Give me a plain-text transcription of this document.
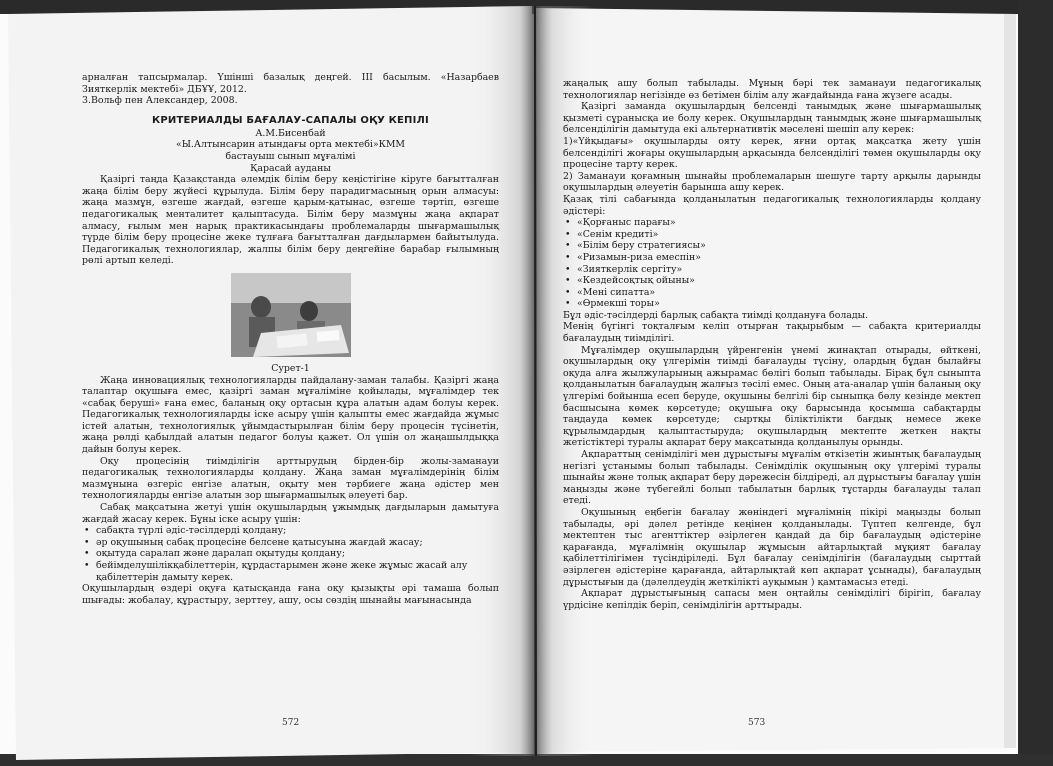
арналған тапсырмалар. Үшінші базалық деңгей. ІІІ басылым. «Назарбаев Зияткерлік мектебі» ДБҰҰ, 2012.

3.Вольф пен Александер, 2008.

КРИТЕРИАЛДЫ БАҒАЛАУ-САПАЛЫ ОҚУ КЕПІЛІ

А.М.Бисенбай

«Ы.Алтынсарин атындағы орта мектебі»КММ

бастауыш сынып мұғалімі

Қарасай ауданы

Қазіргі таңда Қазақстанда әлемдік білім беру кеңістігіне кіруге бағытталған жаңа білім беру жүйесі құрылуда. Білім беру парадигмасының орын алмасуы: жаңа мазмұн, өзгеше жағдай, өзгеше қарым-қатынас, өзгеше тәртіп, өзгеше педагогикалық менталитет қалыптасуда. Білім беру мазмұны жаңа ақпарат алмасу, ғылым мен нарық практикасындағы проблемаларды шығармашылық түрде білім беру процесіне жеке тұлғаға бағытталған дағдылармен байытылуда. Педагогикалық технологиялар, жалпы білім беру деңгейіне барабар ғылымның рөлі артып келеді.

Сурет-1

Жаңа инновациялық технологияларды пайдалану-заман талабы. Қазіргі жаңа талаптар оқушыға емес, қазіргі заман мұғаліміне қойылады, мұғалімдер тек «сабақ беруші» ғана емес, баланың оқу ортасын құра алатын адам болуы керек. Педагогикалық технологияларды іске асыру үшін қалыпты емес жағдайда жұмыс істей алатын, технологиялық ұйымдастырылған білім беру процесін түсінетін, жаңа рөлді қабылдай алатын педагог болуы қажет. Ол үшін ол жаңашылдыққа дайын болуы керек.

Оқу процесінің тиімділігін арттырудың бірден-бір жолы-заманауи педагогикалық технологияларды қолдану. Жаңа заман мұғалімдерінің білім мазмұнына өзгеріс енгізе алатын, оқыту мен тәрбиеге жаңа әдістер мен технологияларды енгізе алатын зор шығармашылық әлеуеті бар.

Сабақ мақсатына жетуі үшін оқушылардың ұжымдық дағдыларын дамытуға жағдай жасау керек. Бұны іске асыру үшін:

• сабақта түрлі әдіс-тәсілдерді қолдану;
• әр оқушының сабақ процесіне белсене қатысуына жағдай жасау;
• оқытуда саралап және даралап оқытуды қолдану;
• бейімделушілікқабілеттерін, құрдастарымен және жеке жұмыс жасай алу қабілеттерін дамыту керек.

Оқушылардың өздері оқуға қатысқанда ғана оқу қызықты әрі тамаша болып шығады: жобалау, құрастыру, зерттеу, ашу, осы сөздің шынайы мағынасында

572

жаңалық ашу болып табылады. Мұның бәрі тек заманауи педагогикалық технологиялар негізінде өз бетімен білім алу жағдайында ғана жүзеге асады.

Қазіргі заманда оқушылардың белсенді танымдық және шығармашылық қызметі сұранысқа ие болу керек. Оқушылардың танымдық және шығармашылық белсенділігін дамытуда екі альтернативтік мәселені шешіп алу керек:

1)«Үйқыдағы» оқушыларды ояту керек, яғни ортақ мақсатқа жету үшін белсенділігі жоғары оқушылардың арқасында белсенділігі төмен оқушыларды оқу процесіне тарту керек.

2) Заманауи қоғамның шынайы проблемаларын шешуге тарту арқылы дарынды оқушылардың әлеуетін барынша ашу керек.

Қазақ тілі сабағында қолданылатын педагогикалық технологияларды қолдану әдістері:

• «Қорғаныс парағы»
• «Сенім кредиті»
• «Білім беру стратегиясы»
• «Ризамын-риза емеспін»
• «Зияткерлік сергіту»
• «Кездейсоқтық ойыны»
• «Мені сипатта»
• «Өрмекші торы»

Бұл әдіс-тәсілдерді барлық сабақта тиімді қолдануға болады.

Менің бүгінгі тоқталғым келіп отырған тақырыбым — сабақта критериалды бағалаудың тиімділігі.

Мұғалімдер оқушылардың үйренгенін үнемі жинақтап отырады, өйткені, оқушылардың оқу үлгерімін тиімді бағалауды түсіну, олардың бұдан былайғы оқуда алға жылжуларының ажырамас бөлігі болып табылады. Бірақ бұл сыныпта қолданылатын бағалаудың жалғыз тәсілі емес. Оның ата-аналар үшін баланың оқу үлгерімі бойынша есеп беруде, оқушыны белгілі бір сыныпқа бөлу кезінде мектеп басшысына көмек көрсетуде; оқушыға оқу барысында қосымша сабақтарды таңдауда көмек көрсетуде; сыртқы біліктілікти бағдық немесе жеке құрылымдардың қалыптастыруда; оқушылардың мектепте жеткен нақты жетістіктері туралы ақпарат беру мақсатында қолданылуы орынды.

Ақпараттың сенімділігі мен дұрыстығы мұғалім өткізетін жиынтық бағалаудың негізгі ұстанымы болып табылады. Сенімділік оқушының оқу үлгерімі туралы шынайы және толық ақпарат беру дәрежесін білдіреді, ал дұрыстығы бағалау үшін маңызды және түбегейлі болып табылатын барлық тұстарды бағалауды талап етеді.

Оқушының еңбегін бағалау жөніндегі мұғалімнің пікірі маңызды болып табылады, әрі дәлел ретінде кеңінен қолданылады. Түптеп келгенде, бұл мектептен тыс агенттіктер әзірлеген қандай да бір бағалаудың әдістеріне қарағанда, мұғалімнің оқушылар жұмысын айтарлықтай мұқият бағалау қабілеттілігімен түсіндіріледі. Бұл бағалау сенімділігін (бағалаудың сырттай әзірлеген әдістеріне қарағанда, айтарлықтай көп ақпарат ұсынады), бағалаудың дұрыстығын да (дәлелдеудің жеткілікті ауқымын ) қамтамасыз етеді.

Ақпарат дұрыстығының сапасы мен оңтайлы сенімділігі бірігіп, бағалау үрдісіне кепілдік беріп, сенімділігін арттырады.

573
